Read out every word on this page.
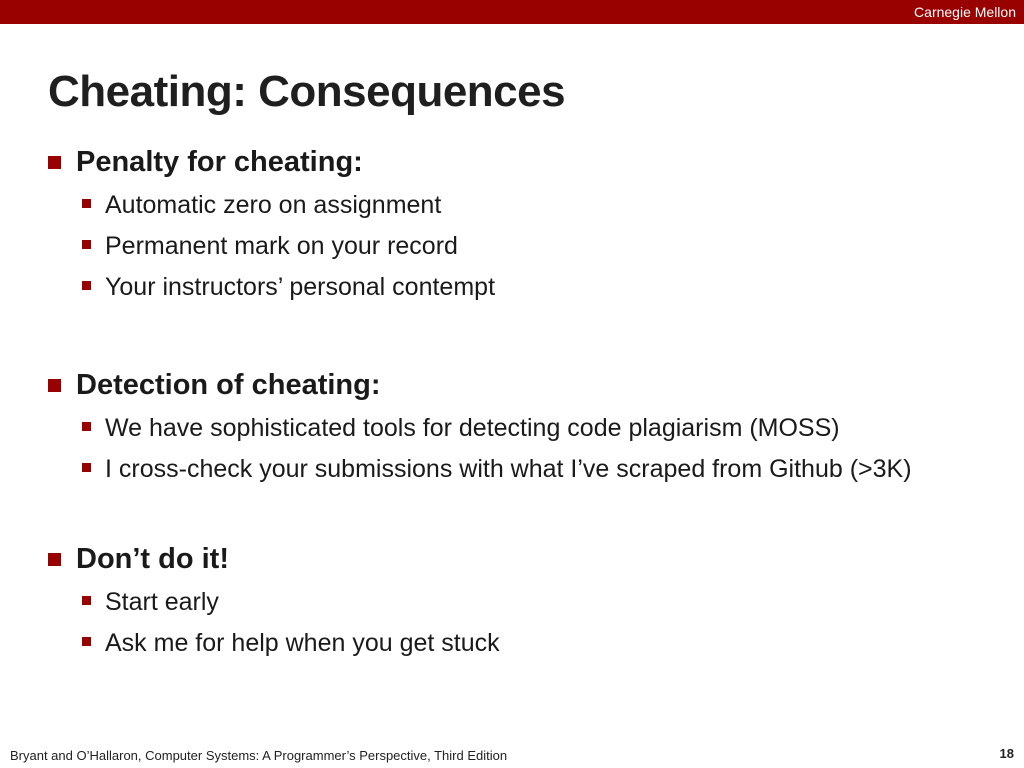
Carnegie Mellon
Cheating: Consequences
Penalty for cheating:
Automatic zero on assignment
Permanent mark on your record
Your instructors’ personal contempt
Detection of cheating:
We have sophisticated tools for detecting code plagiarism (MOSS)
I cross-check your submissions with what I’ve scraped from Github (>3K)
Don’t do it!
Start early
Ask me for help when you get stuck
Bryant and O’Hallaron, Computer Systems: A Programmer’s Perspective, Third Edition	18
